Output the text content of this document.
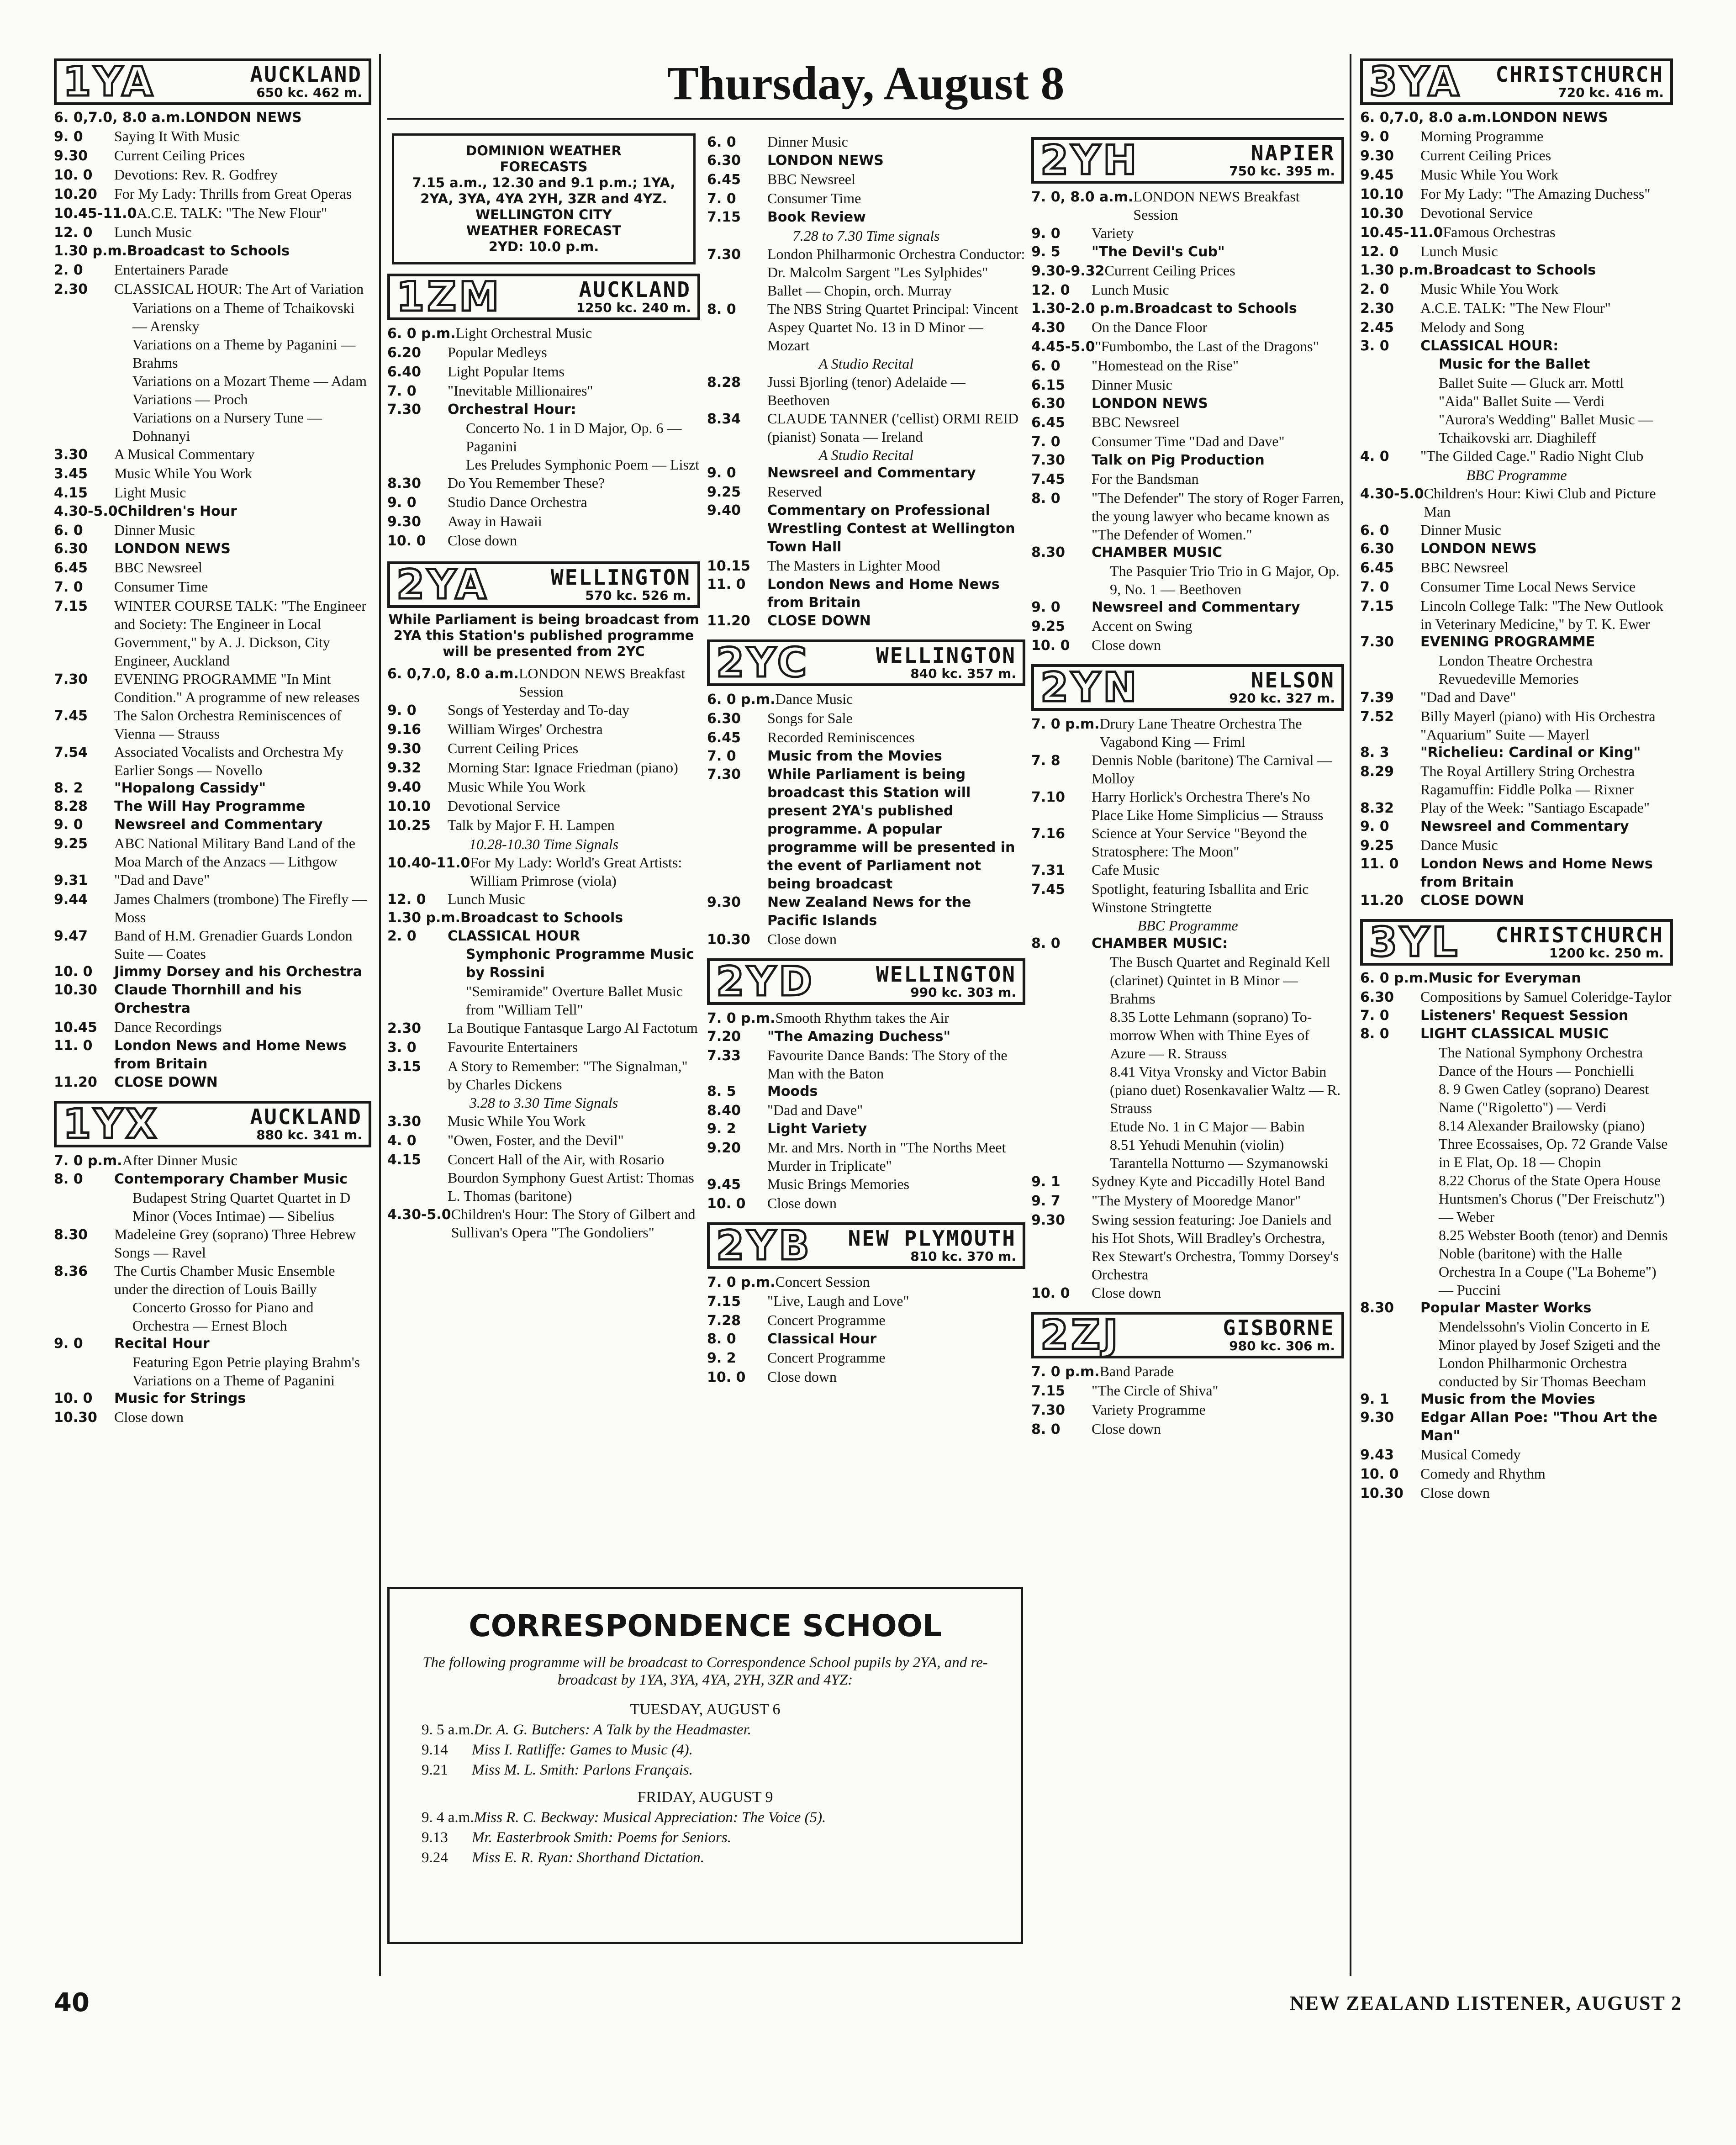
Thursday, August 8
1YA	AUCKLAND
650 kc. 462 m.
6. 0,7.0, 8.0 a.m. LONDON NEWS
9. 0	Saying It With Music
9.30	Current Ceiling Prices
10. 0	Devotions: Rev. R. Godfrey
10.20	For My Lady: Thrills from Great Operas
10.45-11.0 A.C.E. TALK: "The New Flour"
12. 0	Lunch Music
1.30 p.m. Broadcast to Schools
2. 0	Entertainers Parade
2.30	CLASSICAL HOUR: The Art of Variation
Variations on a Theme of Tchaikovski — Arensky
Variations on a Theme by Paganini — Brahms
Variations on a Mozart Theme — Adam
Variations — Proch
Variations on a Nursery Tune — Dohnanyi
3.30	A Musical Commentary
3.45	Music While You Work
4.15	Light Music
4.30-5.0 Children's Hour
6. 0	Dinner Music
6.30	LONDON NEWS
6.45	BBC Newsreel
7. 0	Consumer Time
7.15	WINTER COURSE TALK: "The Engineer and Society: The Engineer in Local Government," by A. J. Dickson, City Engineer, Auckland
7.30	EVENING PROGRAMME "In Mint Condition." A programme of new releases
7.45	The Salon Orchestra Reminiscences of Vienna — Strauss
7.54	Associated Vocalists and Orchestra My Earlier Songs — Novello
8. 2	"Hopalong Cassidy"
8.28	The Will Hay Programme
9. 0	Newsreel and Commentary
9.25	ABC National Military Band Land of the Moa March of the Anzacs — Lithgow
9.31	"Dad and Dave"
9.44	James Chalmers (trombone) The Firefly — Moss
9.47	Band of H.M. Grenadier Guards London Suite — Coates
10. 0	Jimmy Dorsey and his Orchestra
10.30	Claude Thornhill and his Orchestra
10.45	Dance Recordings
11. 0	London News and Home News from Britain
11.20	CLOSE DOWN
1YX	AUCKLAND
880 kc. 341 m.
7. 0 p.m. After Dinner Music
8. 0	Contemporary Chamber Music
Budapest String Quartet Quartet in D Minor (Voces Intimae) — Sibelius
8.30	Madeleine Grey (soprano) Three Hebrew Songs — Ravel
8.36	The Curtis Chamber Music Ensemble under the direction of Louis Bailly
Concerto Grosso for Piano and Orchestra — Ernest Bloch
9. 0	Recital Hour
Featuring Egon Petrie playing Brahm's Variations on a Theme of Paganini
10. 0	Music for Strings
10.30	Close down
DOMINION WEATHER
FORECASTS
7.15 a.m., 12.30 and 9.1 p.m.; 1YA, 2YA, 3YA, 4YA 2YH, 3ZR and 4YZ.
WELLINGTON CITY
WEATHER FORECAST
2YD: 10.0 p.m.
1ZM	AUCKLAND
1250 kc. 240 m.
6. 0 p.m. Light Orchestral Music
6.20	Popular Medleys
6.40	Light Popular Items
7. 0	"Inevitable Millionaires"
7.30	Orchestral Hour:
Concerto No. 1 in D Major, Op. 6 — Paganini
Les Preludes Symphonic Poem — Liszt
8.30	Do You Remember These?
9. 0	Studio Dance Orchestra
9.30	Away in Hawaii
10. 0	Close down
2YA	WELLINGTON
570 kc. 526 m.
While Parliament is being broadcast from 2YA this Station's published programme will be presented from 2YC
6. 0,7.0, 8.0 a.m. LONDON NEWS Breakfast Session
9. 0	Songs of Yesterday and To-day
9.16	William Wirges' Orchestra
9.30	Current Ceiling Prices
9.32	Morning Star: Ignace Friedman (piano)
9.40	Music While You Work
10.10	Devotional Service
10.25	Talk by Major F. H. Lampen
10.28-10.30 Time Signals
10.40-11.0 For My Lady: World's Great Artists: William Primrose (viola)
12. 0	Lunch Music
1.30 p.m. Broadcast to Schools
2. 0	CLASSICAL HOUR
Symphonic Programme Music by Rossini
"Semiramide" Overture Ballet Music from "William Tell"
2.30	La Boutique Fantasque Largo Al Factotum
3. 0	Favourite Entertainers
3.15	A Story to Remember: "The Signalman," by Charles Dickens
3.28 to 3.30 Time Signals
3.30	Music While You Work
4. 0	"Owen, Foster, and the Devil"
4.15	Concert Hall of the Air, with Rosario Bourdon Symphony Guest Artist: Thomas L. Thomas (baritone)
4.30-5.0 Children's Hour: The Story of Gilbert and Sullivan's Opera "The Gondoliers"
6. 0	Dinner Music
6.30	LONDON NEWS
6.45	BBC Newsreel
7. 0	Consumer Time
7.15	Book Review
7.28 to 7.30 Time signals
7.30	London Philharmonic Orchestra Conductor: Dr. Malcolm Sargent "Les Sylphides" Ballet — Chopin, orch. Murray
8. 0	The NBS String Quartet Principal: Vincent Aspey Quartet No. 13 in D Minor — Mozart
A Studio Recital
8.28	Jussi Bjorling (tenor) Adelaide — Beethoven
8.34	CLAUDE TANNER ('cellist) ORMI REID (pianist) Sonata — Ireland
A Studio Recital
9. 0	Newsreel and Commentary
9.25	Reserved
9.40	Commentary on Professional Wrestling Contest at Wellington Town Hall
10.15	The Masters in Lighter Mood
11. 0	London News and Home News from Britain
11.20	CLOSE DOWN
2YC	WELLINGTON
840 kc. 357 m.
6. 0 p.m. Dance Music
6.30	Songs for Sale
6.45	Recorded Reminiscences
7. 0	Music from the Movies
7.30	While Parliament is being broadcast this Station will present 2YA's published programme. A popular programme will be presented in the event of Parliament not being broadcast
9.30	New Zealand News for the Pacific Islands
10.30	Close down
2YD	WELLINGTON
990 kc. 303 m.
7. 0 p.m. Smooth Rhythm takes the Air
7.20	"The Amazing Duchess"
7.33	Favourite Dance Bands: The Story of the Man with the Baton
8. 5	Moods
8.40	"Dad and Dave"
9. 2	Light Variety
9.20	Mr. and Mrs. North in "The Norths Meet Murder in Triplicate"
9.45	Music Brings Memories
10. 0	Close down
2YB	NEW PLYMOUTH
810 kc. 370 m.
7. 0 p.m. Concert Session
7.15	"Live, Laugh and Love"
7.28	Concert Programme
8. 0	Classical Hour
9. 2	Concert Programme
10. 0	Close down
2YH	NAPIER
750 kc. 395 m.
7. 0, 8.0 a.m. LONDON NEWS Breakfast Session
9. 0	Variety
9. 5	"The Devil's Cub"
9.30-9.32 Current Ceiling Prices
12. 0	Lunch Music
1.30-2.0 p.m. Broadcast to Schools
4.30	On the Dance Floor
4.45-5.0 "Fumbombo, the Last of the Dragons"
6. 0	"Homestead on the Rise"
6.15	Dinner Music
6.30	LONDON NEWS
6.45	BBC Newsreel
7. 0	Consumer Time "Dad and Dave"
7.30	Talk on Pig Production
7.45	For the Bandsman
8. 0	"The Defender" The story of Roger Farren, the young lawyer who became known as "The Defender of Women."
8.30	CHAMBER MUSIC
The Pasquier Trio Trio in G Major, Op. 9, No. 1 — Beethoven
9. 0	Newsreel and Commentary
9.25	Accent on Swing
10. 0	Close down
2YN	NELSON
920 kc. 327 m.
7. 0 p.m. Drury Lane Theatre Orchestra The Vagabond King — Friml
7. 8	Dennis Noble (baritone) The Carnival — Molloy
7.10	Harry Horlick's Orchestra There's No Place Like Home Simplicius — Strauss
7.16	Science at Your Service "Beyond the Stratosphere: The Moon"
7.31	Cafe Music
7.45	Spotlight, featuring Isballita and Eric Winstone Stringtette
BBC Programme
8. 0	CHAMBER MUSIC:
The Busch Quartet and Reginald Kell (clarinet) Quintet in B Minor — Brahms
8.35 Lotte Lehmann (soprano) To-morrow When with Thine Eyes of Azure — R. Strauss
8.41 Vitya Vronsky and Victor Babin (piano duet) Rosenkavalier Waltz — R. Strauss
Etude No. 1 in C Major — Babin
8.51 Yehudi Menuhin (violin) Tarantella Notturno — Szymanowski
9. 1	Sydney Kyte and Piccadilly Hotel Band
9. 7	"The Mystery of Mooredge Manor"
9.30	Swing session featuring: Joe Daniels and his Hot Shots, Will Bradley's Orchestra, Rex Stewart's Orchestra, Tommy Dorsey's Orchestra
10. 0	Close down
2ZJ	GISBORNE
980 kc. 306 m.
7. 0 p.m. Band Parade
7.15	"The Circle of Shiva"
7.30	Variety Programme
8. 0	Close down
3YA	CHRISTCHURCH
720 kc. 416 m.
6. 0,7.0, 8.0 a.m. LONDON NEWS
9. 0	Morning Programme
9.30	Current Ceiling Prices
9.45	Music While You Work
10.10	For My Lady: "The Amazing Duchess"
10.30	Devotional Service
10.45-11.0 Famous Orchestras
12. 0	Lunch Music
1.30 p.m. Broadcast to Schools
2. 0	Music While You Work
2.30	A.C.E. TALK: "The New Flour"
2.45	Melody and Song
3. 0	CLASSICAL HOUR:
Music for the Ballet
Ballet Suite — Gluck arr. Mottl
"Aida" Ballet Suite — Verdi
"Aurora's Wedding" Ballet Music — Tchaikovski arr. Diaghileff
4. 0	"The Gilded Cage." Radio Night Club
BBC Programme
4.30-5.0 Children's Hour: Kiwi Club and Picture Man
6. 0	Dinner Music
6.30	LONDON NEWS
6.45	BBC Newsreel
7. 0	Consumer Time Local News Service
7.15	Lincoln College Talk: "The New Outlook in Veterinary Medicine," by T. K. Ewer
7.30	EVENING PROGRAMME
London Theatre Orchestra Revuedeville Memories
7.39	"Dad and Dave"
7.52	Billy Mayerl (piano) with His Orchestra "Aquarium" Suite — Mayerl
8. 3	"Richelieu: Cardinal or King"
8.29	The Royal Artillery String Orchestra Ragamuffin: Fiddle Polka — Rixner
8.32	Play of the Week: "Santiago Escapade"
9. 0	Newsreel and Commentary
9.25	Dance Music
11. 0	London News and Home News from Britain
11.20	CLOSE DOWN
3YL	CHRISTCHURCH
1200 kc. 250 m.
6. 0 p.m. Music for Everyman
6.30	Compositions by Samuel Coleridge-Taylor
7. 0	Listeners' Request Session
8. 0	LIGHT CLASSICAL MUSIC
The National Symphony Orchestra Dance of the Hours — Ponchielli
8. 9 Gwen Catley (soprano) Dearest Name ("Rigoletto") — Verdi
8.14 Alexander Brailowsky (piano) Three Ecossaises, Op. 72 Grande Valse in E Flat, Op. 18 — Chopin
8.22 Chorus of the State Opera House Huntsmen's Chorus ("Der Freischutz") — Weber
8.25 Webster Booth (tenor) and Dennis Noble (baritone) with the Halle Orchestra In a Coupe ("La Boheme") — Puccini
8.30	Popular Master Works
Mendelssohn's Violin Concerto in E Minor played by Josef Szigeti and the London Philharmonic Orchestra conducted by Sir Thomas Beecham
9. 1	Music from the Movies
9.30	Edgar Allan Poe: "Thou Art the Man"
9.43	Musical Comedy
10. 0	Comedy and Rhythm
10.30	Close down
CORRESPONDENCE SCHOOL
The following programme will be broadcast to Correspondence School pupils by 2YA, and re-broadcast by 1YA, 3YA, 4YA, 2YH, 3ZR and 4YZ:
TUESDAY, AUGUST 6
9. 5 a.m. Dr. A. G. Butchers: A Talk by the Headmaster.
9.14	Miss I. Ratliffe: Games to Music (4).
9.21	Miss M. L. Smith: Parlons Français.
FRIDAY, AUGUST 9
9. 4 a.m. Miss R. C. Beckway: Musical Appreciation: The Voice (5).
9.13	Mr. Easterbrook Smith: Poems for Seniors.
9.24	Miss E. R. Ryan: Shorthand Dictation.
40	NEW ZEALAND LISTENER, AUGUST 2
